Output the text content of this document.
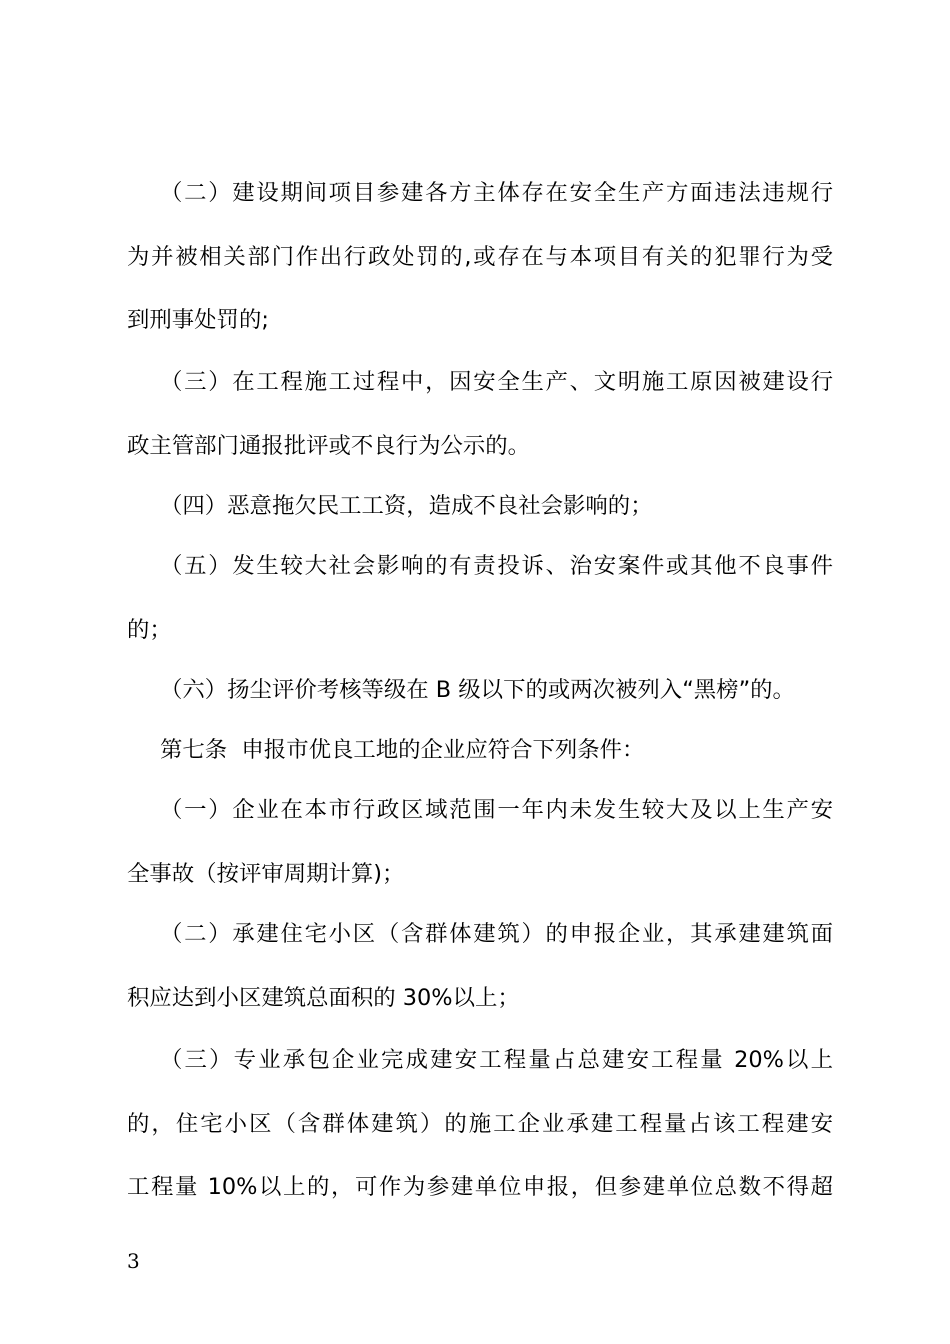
（二）建设期间项目参建各方主体存在安全生产方面违法违规行
为并被相关部门作出行政处罚的,或存在与本项目有关的犯罪行为受
到刑事处罚的;
（三）在工程施工过程中，因安全生产、文明施工原因被建设行
政主管部门通报批评或不良行为公示的。
（四）恶意拖欠民工工资，造成不良社会影响的；
（五）发生较大社会影响的有责投诉、治安案件或其他不良事件
的；
（六）扬尘评价考核等级在 B 级以下的或两次被列入“黑榜”的。
第七条  申报市优良工地的企业应符合下列条件：
（一）企业在本市行政区域范围一年内未发生较大及以上生产安
全事故（按评审周期计算)；
（二）承建住宅小区（含群体建筑）的申报企业，其承建建筑面
积应达到小区建筑总面积的 30%以上；
（三）专业承包企业完成建安工程量占总建安工程量 20%以上
的，住宅小区（含群体建筑）的施工企业承建工程量占该工程建安
工程量 10%以上的，可作为参建单位申报，但参建单位总数不得超
3
